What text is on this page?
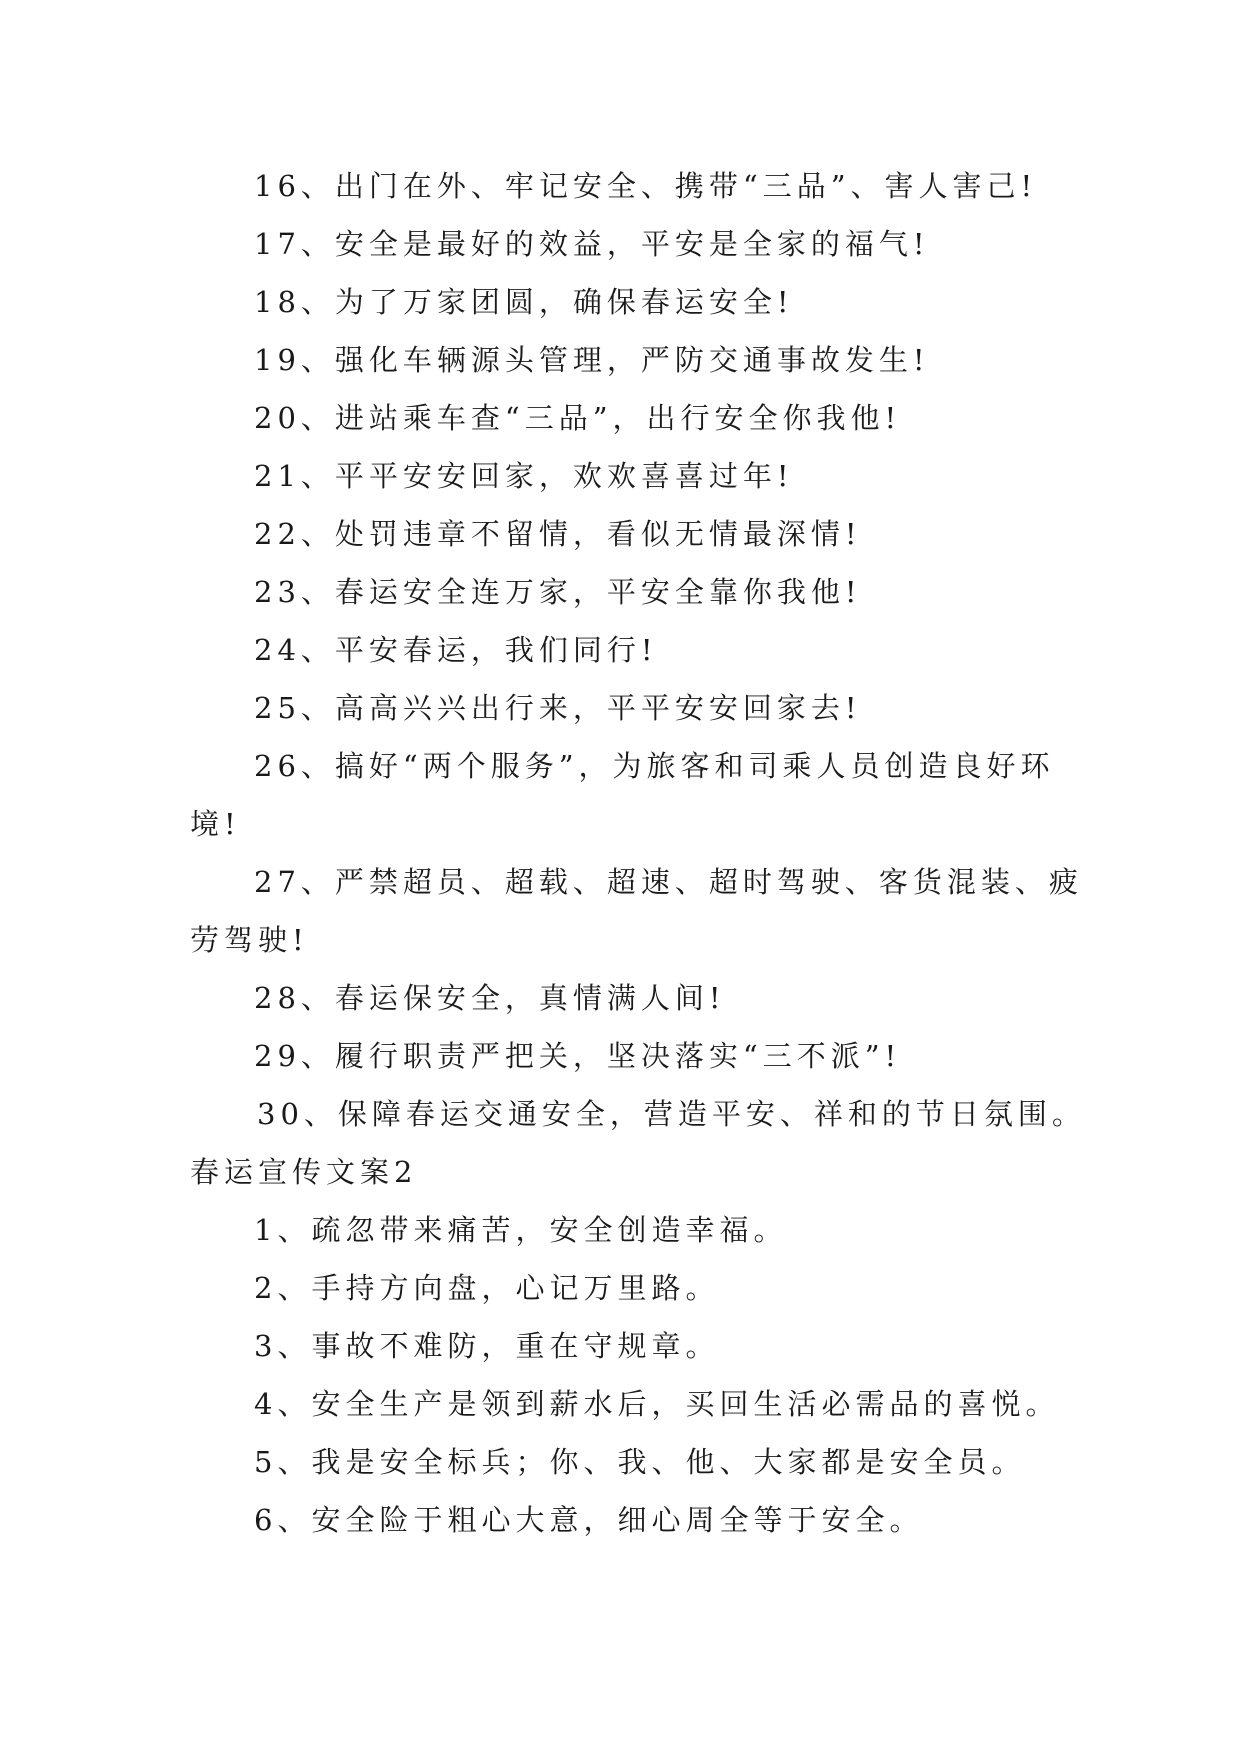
16、出门在外、牢记安全、携带“三品”、害人害己!
17、安全是最好的效益，平安是全家的福气!
18、为了万家团圆，确保春运安全!
19、强化车辆源头管理，严防交通事故发生!
20、进站乘车查“三品”，出行安全你我他!
21、平平安安回家，欢欢喜喜过年!
22、处罚违章不留情，看似无情最深情!
23、春运安全连万家，平安全靠你我他!
24、平安春运，我们同行!
25、高高兴兴出行来，平平安安回家去!
26、搞好“两个服务”，为旅客和司乘人员创造良好环
境!
27、严禁超员、超载、超速、超时驾驶、客货混装、疲
劳驾驶!
28、春运保安全，真情满人间!
29、履行职责严把关，坚决落实“三不派”!
30、保障春运交通安全，营造平安、祥和的节日氛围。
春运宣传文案2
1、疏忽带来痛苦，安全创造幸福。
2、手持方向盘，心记万里路。
3、事故不难防，重在守规章。
4、安全生产是领到薪水后，买回生活必需品的喜悦。
5、我是安全标兵；你、我、他、大家都是安全员。
6、安全险于粗心大意，细心周全等于安全。
